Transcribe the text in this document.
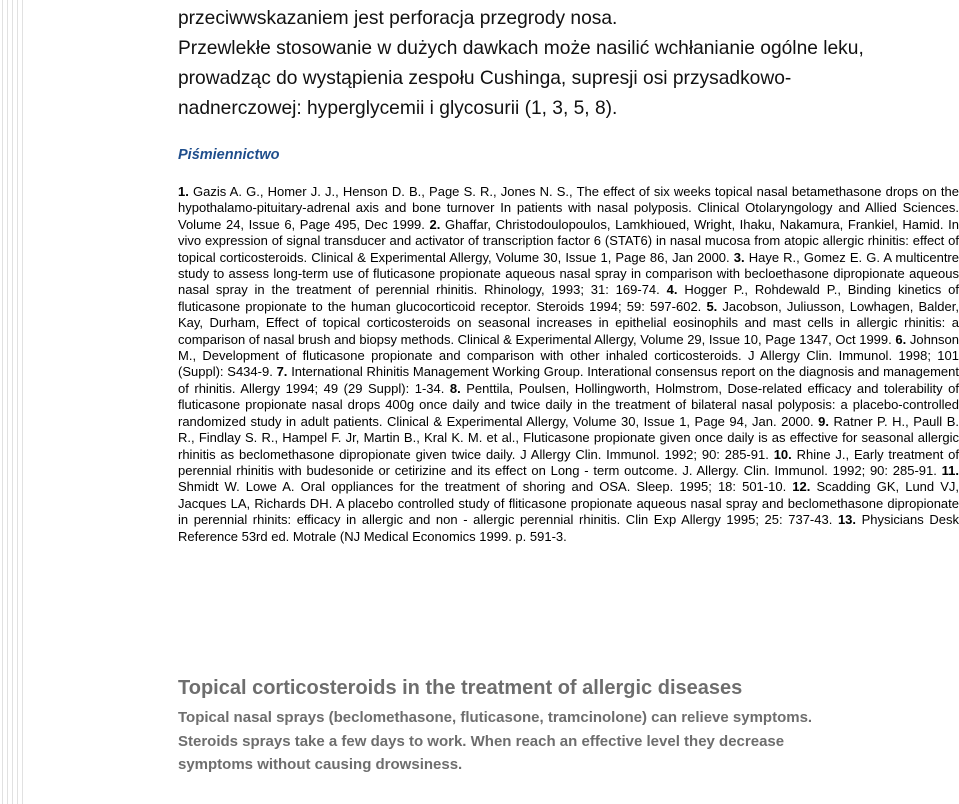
przeciwwskazaniem jest perforacja przegrody nosa.
Przewlekłe stosowanie w dużych dawkach może nasilić wchłanianie ogólne leku,
prowadząc do wystąpienia zespołu Cushinga, supresji osi przysadkowo-
nadnerczowej: hyperglycemii i glycosurii (1, 3, 5, 8).

Piśmiennictwo

1. Gazis A. G., Homer J. J., Henson D. B., Page S. R., Jones N. S., The effect of six weeks topical nasal betamethasone drops on the hypothalamo-pituitary-adrenal axis and bone turnover In patients with nasal polyposis. Clinical Otolaryngology and Allied Sciences. Volume 24, Issue 6, Page 495, Dec 1999. 2. Ghaffar, Christodoulopoulos, Lamkhioued, Wright, Ihaku, Nakamura, Frankiel, Hamid. In vivo expression of signal transducer and activator of transcription factor 6 (STAT6) in nasal mucosa from atopic allergic rhinitis: effect of topical corticosteroids. Clinical & Experimental Allergy, Volume 30, Issue 1, Page 86, Jan 2000. 3. Haye R., Gomez E. G. A multicentre study to assess long-term use of fluticasone propionate aqueous nasal spray in comparison with becloethasone dipropionate aqueous nasal spray in the treatment of perennial rhinitis. Rhinology, 1993; 31: 169-74. 4. Hogger P., Rohdewald P., Binding kinetics of fluticasone propionate to the human glucocorticoid receptor. Steroids 1994; 59: 597-602. 5. Jacobson, Juliusson, Lowhagen, Balder, Kay, Durham, Effect of topical corticosteroids on seasonal increases in epithelial eosinophils and mast cells in allergic rhinitis: a comparison of nasal brush and biopsy methods. Clinical & Experimental Allergy, Volume 29, Issue 10, Page 1347, Oct 1999. 6. Johnson M., Development of fluticasone propionate and comparison with other inhaled corticosteroids. J Allergy Clin. Immunol. 1998; 101 (Suppl): S434-9. 7. International Rhinitis Management Working Group. Interational consensus report on the diagnosis and management of rhinitis. Allergy 1994; 49 (29 Suppl): 1-34. 8. Penttila, Poulsen, Hollingworth, Holmstrom, Dose-related efficacy and tolerability of fluticasone propionate nasal drops 400g once daily and twice daily in the treatment of bilateral nasal polyposis: a placebo-controlled randomized study in adult patients. Clinical & Experimental Allergy, Volume 30, Issue 1, Page 94, Jan. 2000. 9. Ratner P. H., Paull B. R., Findlay S. R., Hampel F. Jr, Martin B., Kral K. M. et al., Fluticasone propionate given once daily is as effective for seasonal allergic rhinitis as beclomethasone dipropionate given twice daily. J Allergy Clin. Immunol. 1992; 90: 285-91. 10. Rhine J., Early treatment of perennial rhinitis with budesonide or cetirizine and its effect on Long - term outcome. J. Allergy. Clin. Immunol. 1992; 90: 285-91. 11. Shmidt W. Lowe A. Oral oppliances for the treatment of shoring and OSA. Sleep. 1995; 18: 501-10. 12. Scadding GK, Lund VJ, Jacques LA, Richards DH. A placebo controlled study of fliticasone propionate aqueous nasal spray and beclomethasone dipropionate in perennial rhinits: efficacy in allergic and non - allergic perennial rhinitis. Clin Exp Allergy 1995; 25: 737-43. 13. Physicians Desk Reference 53rd ed. Motrale (NJ Medical Economics 1999. p. 591-3.

Topical corticosteroids in the treatment of allergic diseases

Topical nasal sprays (beclomethasone, fluticasone, tramcinolone) can relieve symptoms.
Steroids sprays take a few days to work. When reach an effective level they decrease
symptoms without causing drowsiness.
